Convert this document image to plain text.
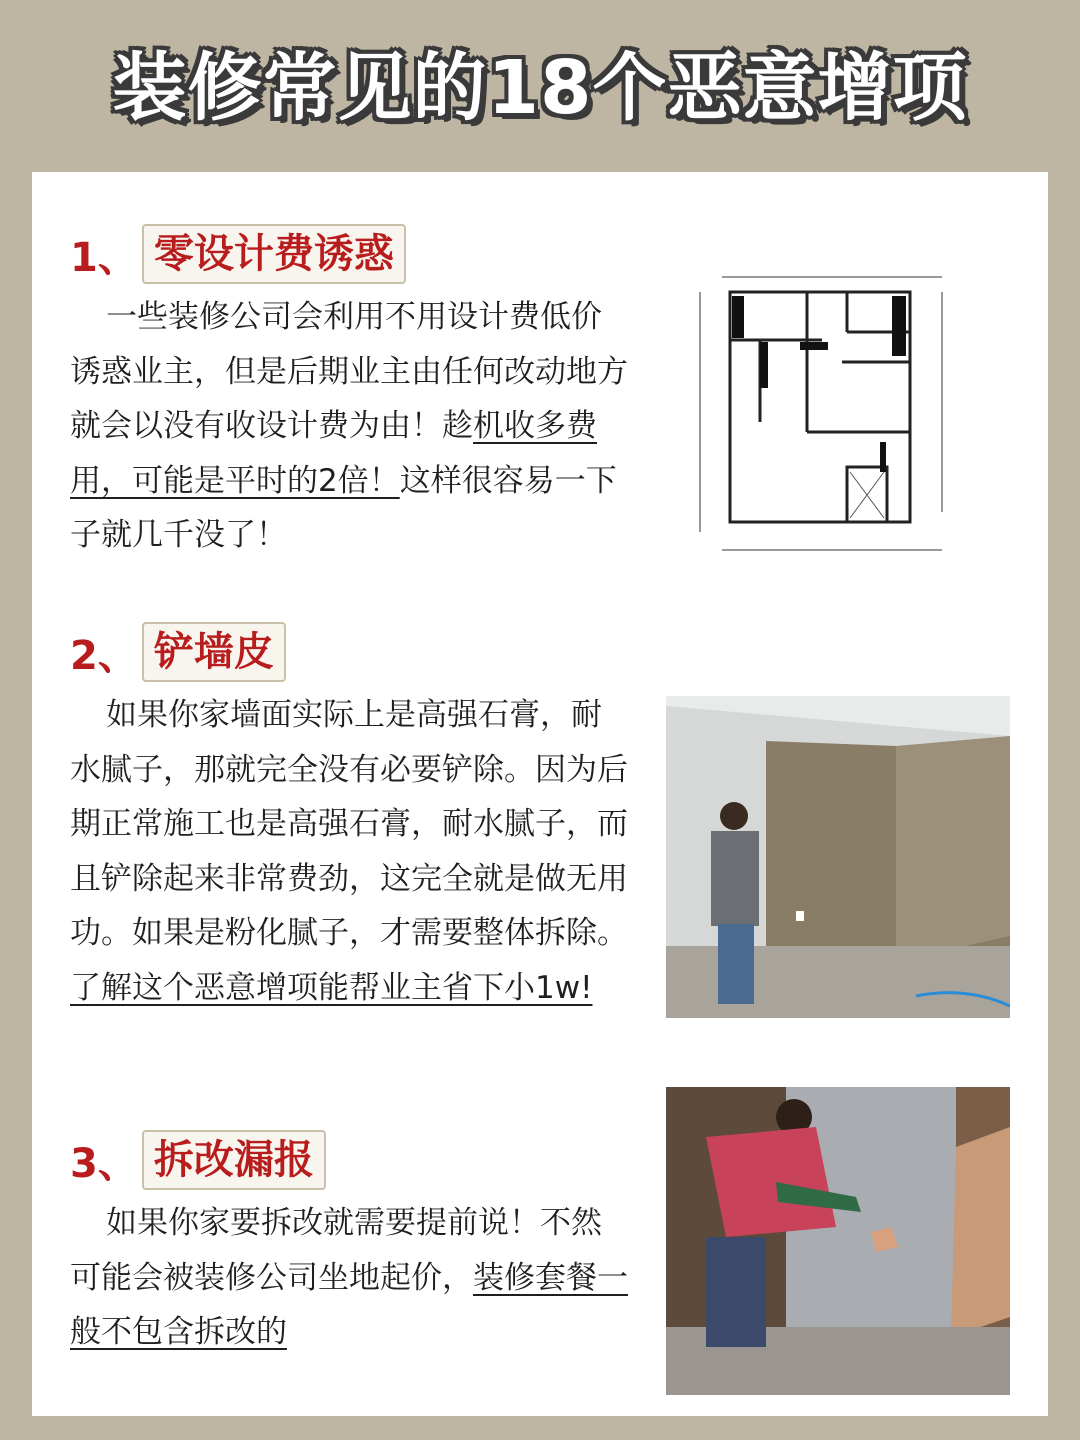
装修常见的18个恶意增项
1、 零设计费诱惑
一些装修公司会利用不用设计费低价诱惑业主，但是后期业主由任何改动地方就会以没有收设计费为由！趁机收多费用，可能是平时的2倍！这样很容易一下子就几千没了！
2、 铲墙皮
如果你家墙面实际上是高强石膏，耐水腻子，那就完全没有必要铲除。因为后期正常施工也是高强石膏，耐水腻子，而且铲除起来非常费劲，这完全就是做无用功。如果是粉化腻子，才需要整体拆除。了解这个恶意增项能帮业主省下小1w!
3、 拆改漏报
如果你家要拆改就需要提前说！不然可能会被装修公司坐地起价，装修套餐一般不包含拆改的
